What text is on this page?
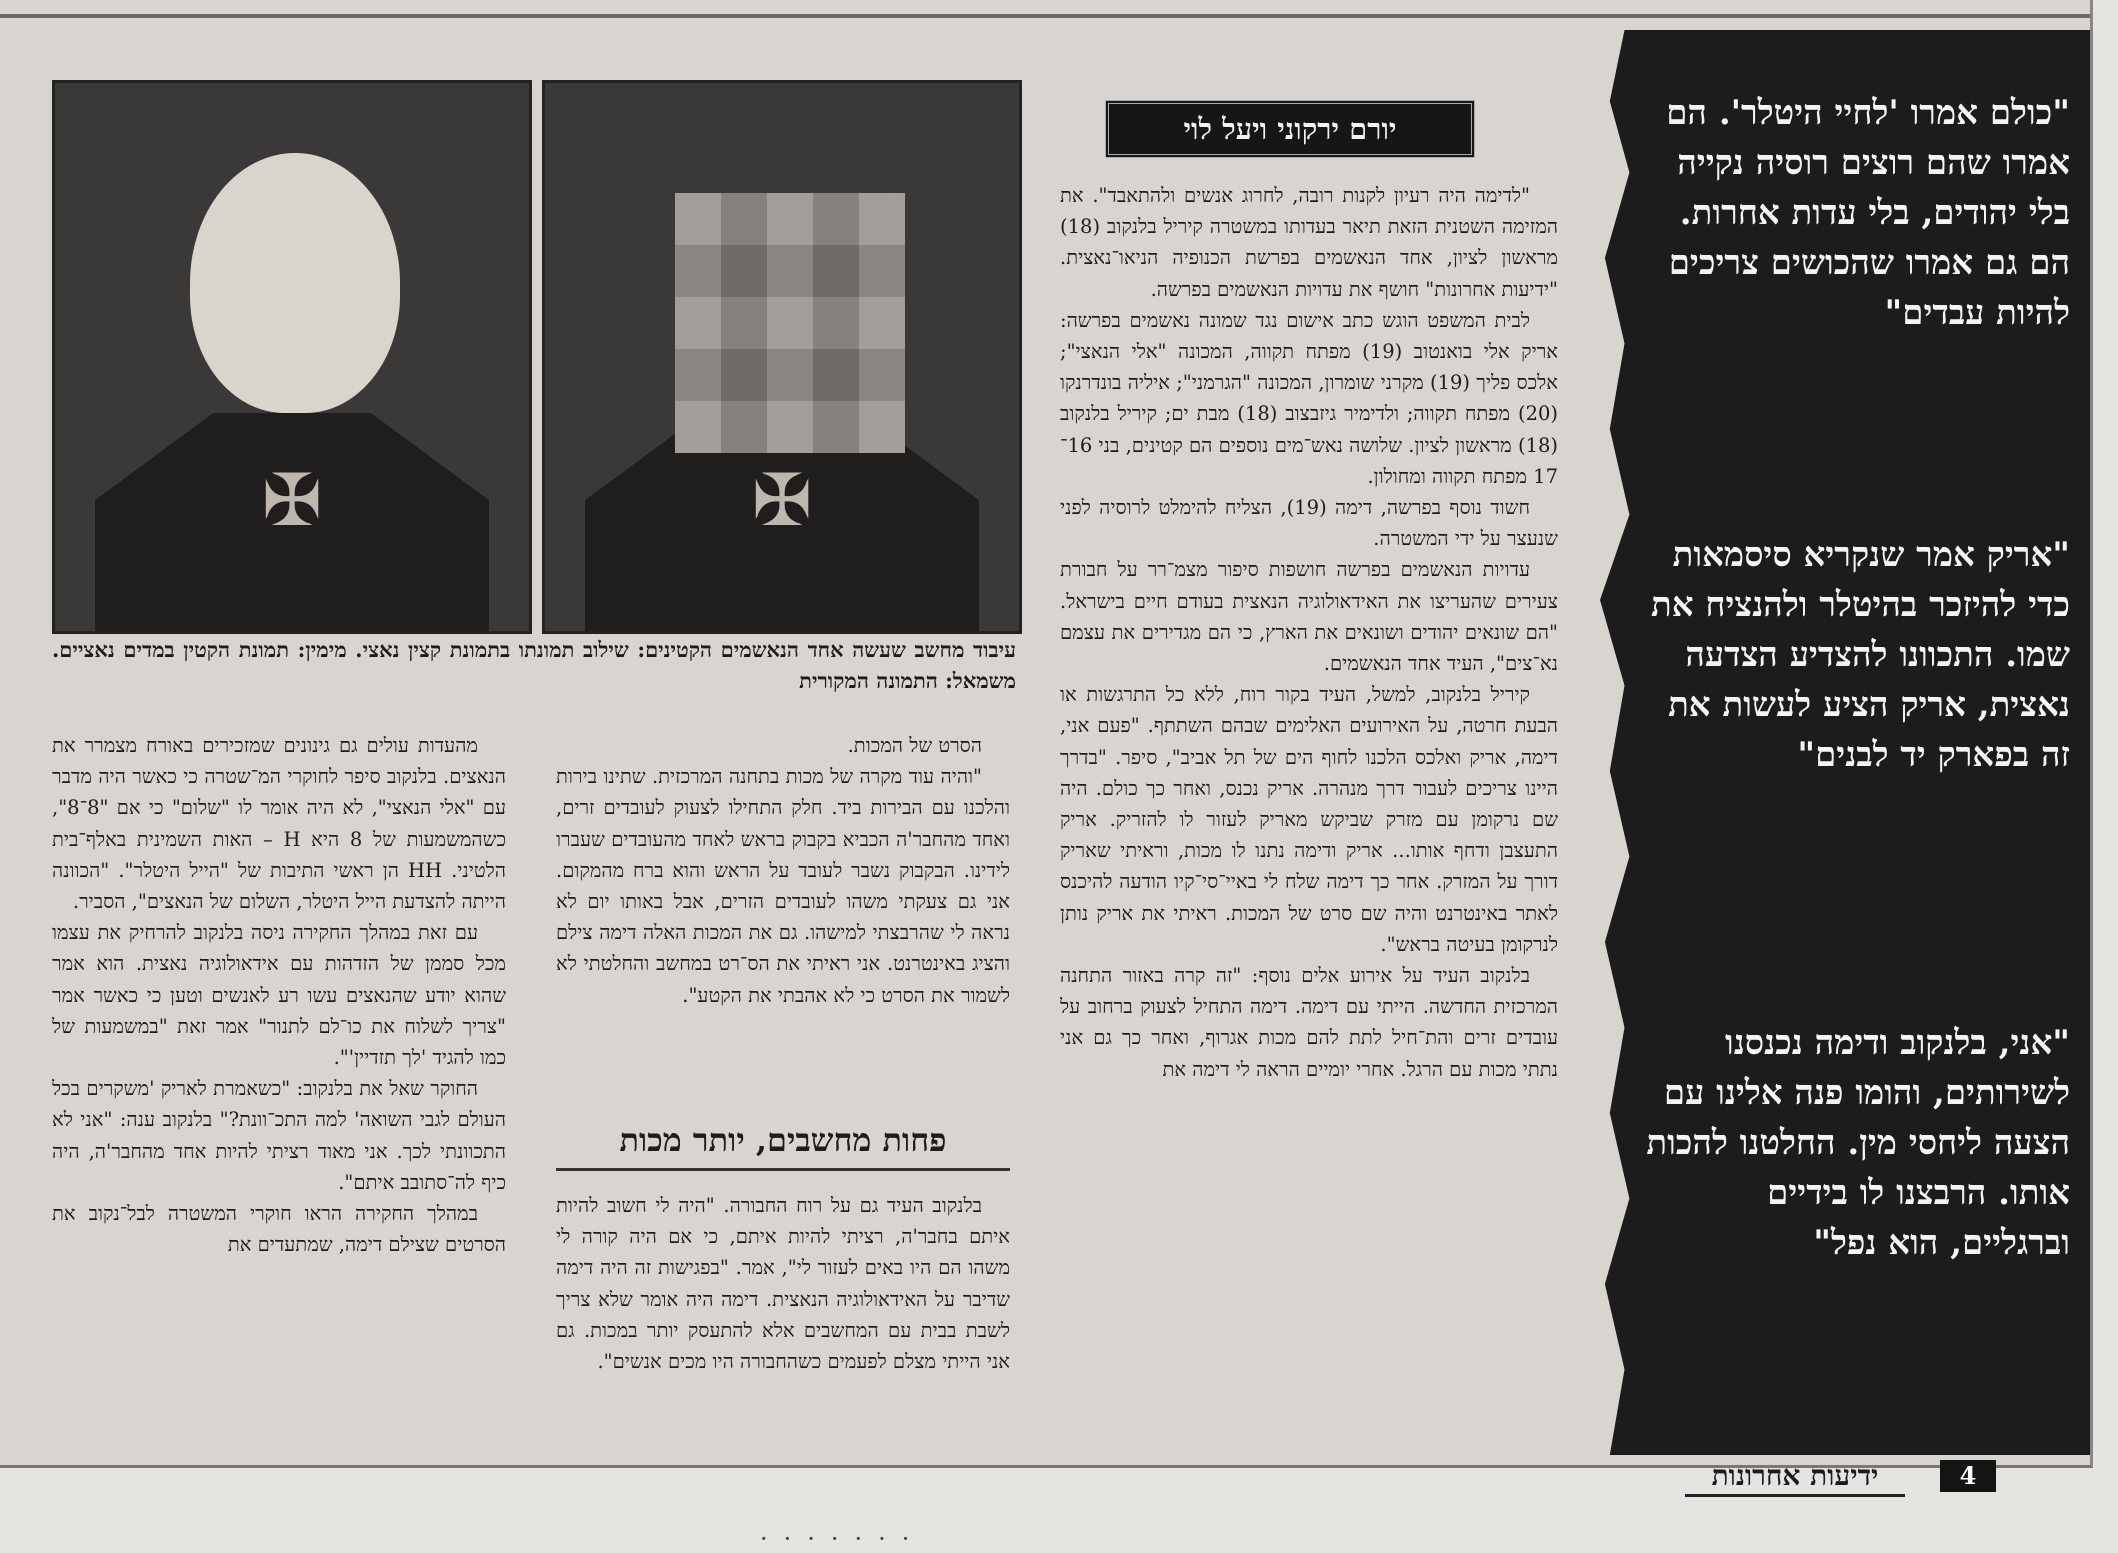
✠	✠
עיבוד מחשב שעשה אחד הנאשמים הקטינים: שילוב תמונתו בתמונת קצין נאצי. מימין: תמונת הקטין במדים נאציים. משמאל: התמונה המקורית
יורם ירקוני ויעל לוי

"לדימה היה רעיון לקנות רובה, לחרוג אנשים ולהתאבד". את המזימה השטנית הזאת תיאר בעדותו במשטרה קיריל בלנקוב (18) מראשון לציון, אחד הנאשמים בפרשת הכנופיה הניאו־נאצית. "ידיעות אחרונות" חושף את עדויות הנאשמים בפרשה.

לבית המשפט הוגש כתב אישום נגד שמונה נאשמים בפרשה: אריק אלי בואנטוב (19) מפתח תקווה, המכונה "אלי הנאצי"; אלכס פליך (19) מקרני שומרון, המכונה "הגרמני"; איליה בונדרנקו (20) מפתח תקווה; ולדימיר גיזבצוב (18) מבת ים; קיריל בלנקוב (18) מראשון לציון. שלושה נאש־מים נוספים הם קטינים, בני 16־17 מפתח תקווה ומחולון.

חשוד נוסף בפרשה, דימה (19), הצליח להימלט לרוסיה לפני שנעצר על ידי המשטרה.

עדויות הנאשמים בפרשה חושפות סיפור מצמ־רר על חבורת צעירים שהעריצו את האידאולוגיה הנאצית בעודם חיים בישראל. "הם שונאים יהודים ושונאים את הארץ, כי הם מגדירים את עצמם נא־צים", העיד אחד הנאשמים.

קיריל בלנקוב, למשל, העיד בקור רוח, ללא כל התרגשות או הבעת חרטה, על האירועים האלימים שבהם השתתף. "פעם אני, דימה, אריק ואלכס הלכנו לחוף הים של תל אביב", סיפר. "בדרך היינו צריכים לעבור דרך מנהרה. אריק נכנס, ואחר כך כולם. היה שם נרקומן עם מזרק שביקש מאריק לעזור לו להזריק. אריק התעצבן ודחף אותו... אריק ודימה נתנו לו מכות, וראיתי שאריק דורך על המזרק. אחר כך דימה שלח לי באיי־סי־קיו הודעה להיכנס לאתר באינטרנט והיה שם סרט של המכות. ראיתי את אריק נותן לנרקומן בעיטה בראש".

בלנקוב העיד על אירוע אלים נוסף: "זה קרה באזור התחנה המרכזית החדשה. הייתי עם דימה. דימה התחיל לצעוק ברחוב על עובדים זרים והת־חיל לתת להם מכות אגרוף, ואחר כך גם אני נתתי מכות עם הרגל. אחרי יומיים הראה לי דימה את

הסרט של המכות.

"והיה עוד מקרה של מכות בתחנה המרכזית. שתינו בירות והלכנו עם הבירות ביד. חלק התחילו לצעוק לעובדים זרים, ואחד מהחבר'ה הכביא בקבוק בראש לאחד מהעובדים שעברו לידינו. הבקבוק נשבר לעובד על הראש והוא ברח מהמקום. אני גם צעקתי משהו לעובדים הזרים, אבל באותו יום לא נראה לי שהרבצתי למישהו. גם את המכות האלה דימה צילם והציג באינטרנט. אני ראיתי את הס־רט במחשב והחלטתי לא לשמור את הסרט כי לא אהבתי את הקטע".

פחות מחשבים, יותר מכות

בלנקוב העיד גם על רוח החבורה. "היה לי חשוב להיות איתם בחבר'ה, רציתי להיות איתם, כי אם היה קורה לי משהו הם היו באים לעזור לי", אמר. "בפגישות זה היה דימה שדיבר על האידאולוגיה הנאצית. דימה היה אומר שלא צריך לשבת בבית עם המחשבים אלא להתעסק יותר במכות. גם אני הייתי מצלם לפעמים כשהחבורה היו מכים אנשים".

מהעדות עולים גם גינונים שמזכירים באורח מצמרר את הנאצים. בלנקוב סיפר לחוקרי המ־שטרה כי כאשר היה מדבר עם "אלי הנאצי", לא היה אומר לו "שלום" כי אם "8־8", כשהמשמעות של 8 היא H – האות השמינית באלף־בית הלטיני. HH הן ראשי התיבות של "הייל היטלר". "הכוונה הייתה להצדעת הייל היטלר, השלום של הנאצים", הסביר.

עם זאת במהלך החקירה ניסה בלנקוב להרחיק את עצמו מכל סממן של הזדהות עם אידאולוגיה נאצית. הוא אמר שהוא יודע שהנאצים עשו רע לאנשים וטען כי כאשר אמר "צריך לשלוח את כו־לם לתנור" אמר זאת "במשמעות של כמו להגיד 'לך תזדיין'".

החוקר שאל את בלנקוב: "כשאמרת לאריק 'משקרים בכל העולם לגבי השואה' למה התכ־וונת?" בלנקוב ענה: "אני לא התכוונתי לכך. אני מאוד רציתי להיות אחד מהחבר'ה, היה כיף לה־סתובב איתם".

במהלך החקירה הראו חוקרי המשטרה לבל־נקוב את הסרטים שצילם דימה, שמתעדים את

"כולם אמרו 'לחיי היטלר'. הם אמרו שהם רוצים רוסיה נקייה בלי יהודים, בלי עדות אחרות. הם גם אמרו שהכושים צריכים להיות עבדים"
"אריק אמר שנקריא סיסמאות כדי להיזכר בהיטלר ולהנציח את שמו. התכוונו להצדיע הצדעה נאצית, אריק הציע לעשות את זה בפארק יד לבנים"
"אני, בלנקוב ודימה נכנסנו לשירותים, והומו פנה אלינו עם הצעה ליחסי מין. החלטנו להכות אותו. הרבצנו לו בידיים וברגליים, הוא נפל"
ידיעות אחרונות	4
·······
